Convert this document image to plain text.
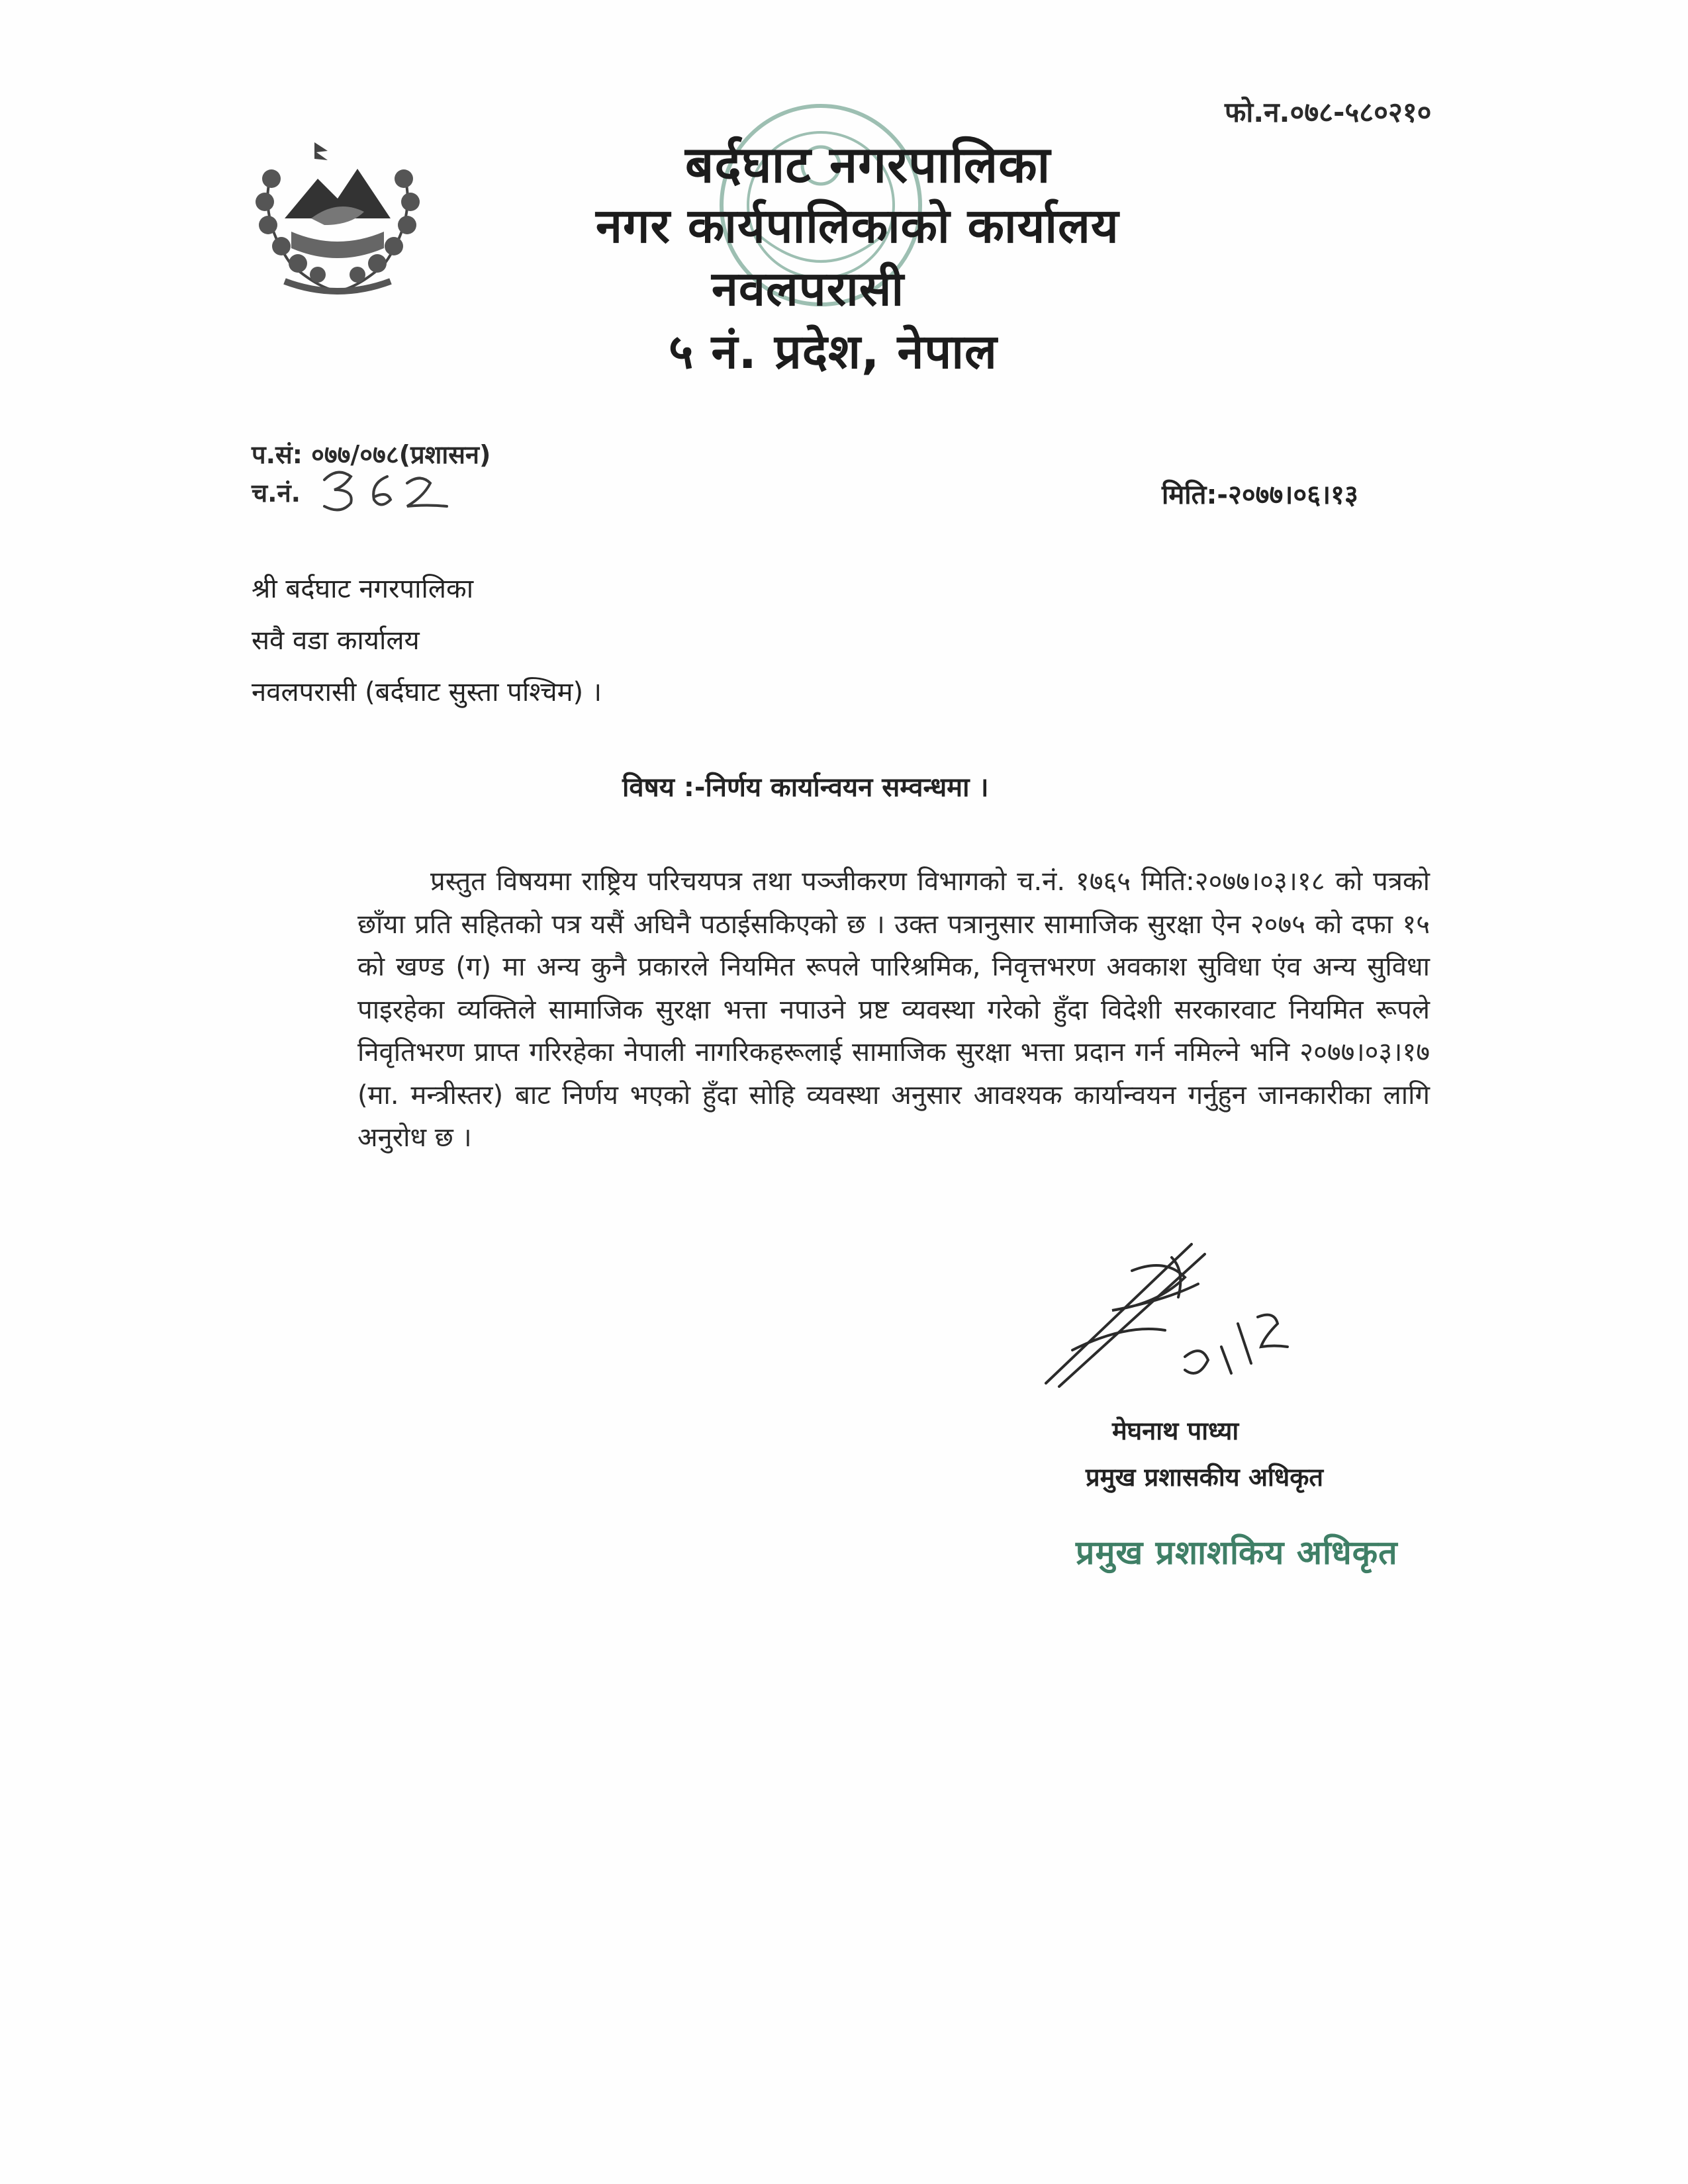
फो.न.०७८-५८०२१०
बर्दघाट नगरपालिका
नगर कार्यपालिकाको कार्यालय
नवलपरासी
५ नं. प्रदेश, नेपाल
प.सं: ०७७/०७८(प्रशासन)
च.नं.	मिति:-२०७७।०६।१३
श्री बर्दघाट नगरपालिका
सवै वडा कार्यालय
नवलपरासी (बर्दघाट सुस्ता पश्चिम) ।
विषय :-निर्णय कार्यान्वयन सम्वन्धमा ।
प्रस्तुत विषयमा राष्ट्रिय परिचयपत्र तथा पञ्जीकरण विभागको च.नं. १७६५ मिति:२०७७।०३।१८ को पत्रको छाँया प्रति सहितको पत्र यसैं अघिनै पठाईसकिएको छ । उक्त पत्रानुसार सामाजिक सुरक्षा ऐन २०७५ को दफा १५ को खण्ड (ग) मा अन्य कुनै प्रकारले नियमित रूपले पारिश्रमिक, निवृत्तभरण अवकाश सुविधा एंव अन्य सुविधा पाइरहेका व्यक्तिले सामाजिक सुरक्षा भत्ता नपाउने प्रष्ट व्यवस्था गरेको हुँदा विदेशी सरकारवाट नियमित रूपले निवृतिभरण प्राप्त गरिरहेका नेपाली नागरिकहरूलाई सामाजिक सुरक्षा भत्ता प्रदान गर्न नमिल्ने भनि २०७७।०३।१७ (मा. मन्त्रीस्तर) बाट निर्णय भएको हुँदा सोहि व्यवस्था अनुसार आवश्यक कार्यान्वयन गर्नुहुन जानकारीका लागि अनुरोध छ ।
मेघनाथ पाध्या
प्रमुख प्रशासकीय अधिकृत
प्रमुख प्रशाशकिय अधिकृत
